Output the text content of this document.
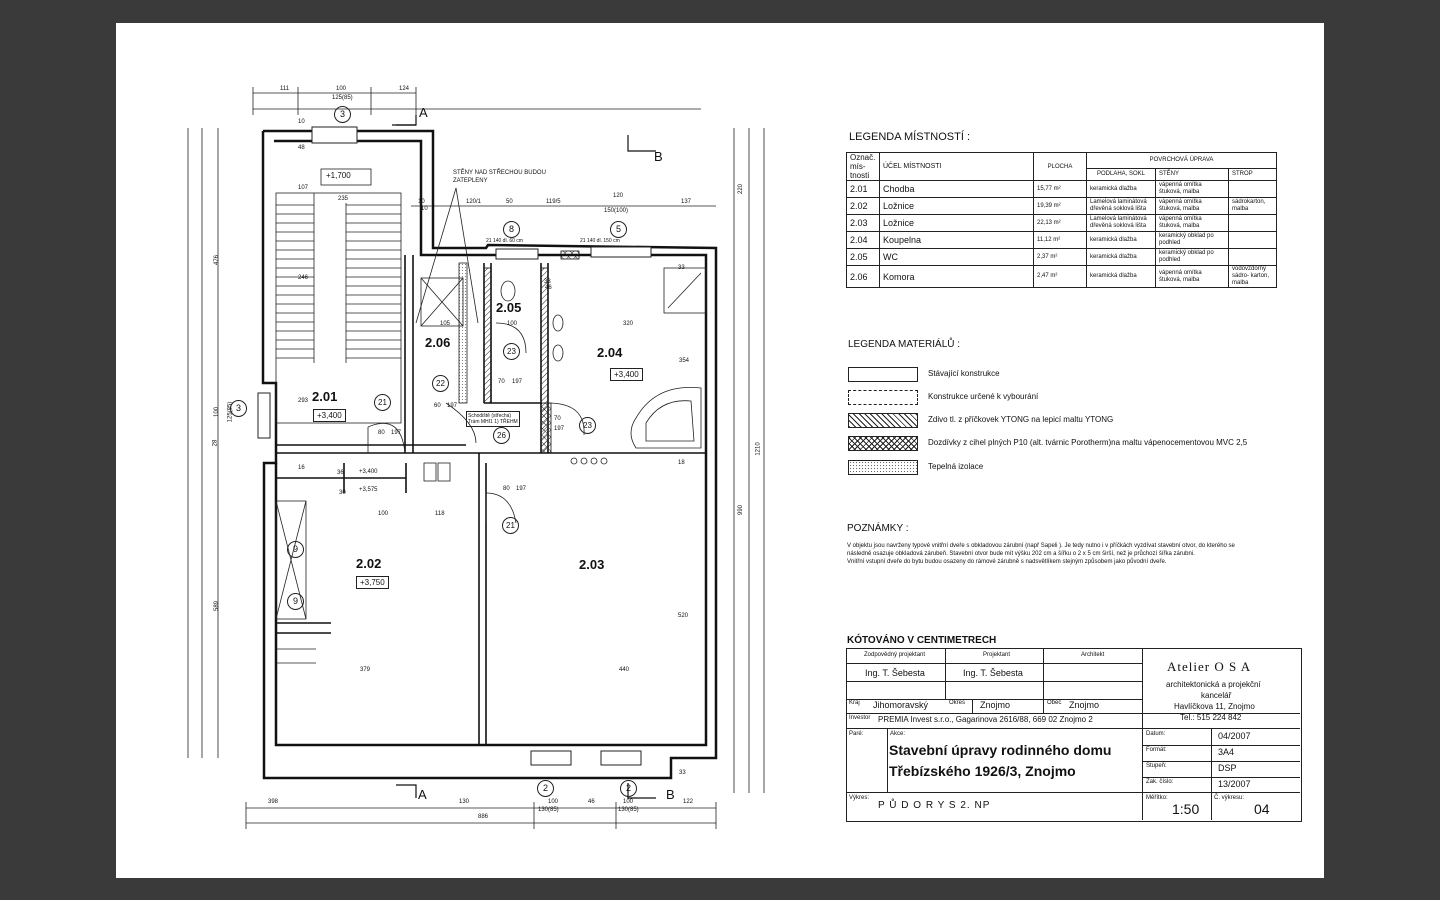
2.01
+3,400
2.02
+3,750
2.03
2.04
+3,400
2.05
2.06
+1,700
+3,400
+3,575
A
B
A	B
3
3
8	5
9
9
2	2
21
21
22
23
23
26
STĚNY NAD STŘECHOU BUDOU ZATEPLENY
21 140 dl. 60 cm	21 140 dl. 150 cm
Schodiště (střecha) Trám MHI1 1) TŘEHM
111	100
125(85)
124
10	120/1	50	119/5
120
150(100)
137
476
100 125(85)
28
589
220
1210
990
10
48
107
235
246
10
293
105	100	320
46
33
33
354
70 197
80 197
70
197
60 197
16
36
100	118
379	440
520
80 197
18
33
30
398	130	100	46	100	122
130(85)	130(85)
886
LEGENDA MÍSTNOSTÍ :
Označ. mís- tnosti	ÚČEL MÍSTNOSTI	PLOCHA	POVRCHOVÁ ÚPRAVA		
			PODLAHA, SOKL	STĚNY	STROP
2.01	Chodba	15,77 m²	keramická dlažba	vápenná omítka štuková, malba	
2.02	Ložnice	19,39 m²	Lamelová laminátová dřevěná soklová lišta	vápenná omítka štuková, malba	sádrokarton, malba
2.03	Ložnice	22,13 m²	Lamelová laminátová dřevěná soklová lišta	vápenná omítka štuková, malba	
2.04	Koupelna	11,12 m²	keramická dlažba	keramický obklad po podhled	
2.05	WC	2,37 m²	keramická dlažba	keramický obklad po podhled	
2.06	Komora	2,47 m²	keramická dlažba	vápenná omítka štuková, malba	vodovzdorný sádro- karton, malba
LEGENDA MATERIÁLŮ :
Stávající konstrukce
Konstrukce určené k vybourání
Zdivo tl. z příčkovek YTONG na lepicí maltu YTONG
Dozdívky z cihel plných P10 (alt. tvárnic Porotherm)na maltu vápenocementovou MVC 2,5
Tepelná izolace
POZNÁMKY :
V objektu jsou navrženy typové vnitřní dveře s obkladovou zárubní (např Sapeli ). Je tedy nutno i v příčkách vyzdívat stavební otvor, do kterého se
následně osazuje obkladová zárubeň. Stavební otvor bude mít výšku 202 cm a šířku o 2 x 5 cm širší, než je průchozí šířka zárubni.
Vnitřní vstupní dveře do bytu budou osazeny do rámové zárubně s nadsvětlíkem stejným způsobem jako původní dveře.
KÓTOVÁNO V CENTIMETRECH
Zodpovědný projektant	Projektant	Architekt
Ing. T. Šebesta	Ing. T. Šebesta	Atelier O S A
architektonická a projekční
kancelář
Havlíčkova 11, Znojmo
Tel.: 515 224 842
Kraj Jihomoravský	Okres Znojmo	Obec Znojmo
Investor PREMIA Invest s.r.o., Gagarinova 2616/88, 669 02 Znojmo 2
Paré:	Akce:
Stavební úpravy rodinného domu
Třebízského 1926/3, Znojmo
Datum:	04/2007
Formát:	3A4
Stupeň:	DSP
Zak. číslo:	13/2007
Výkres:
P Ů D O R Y S 2. NP
Měřítko:
1:50
Č. výkresu:
04
